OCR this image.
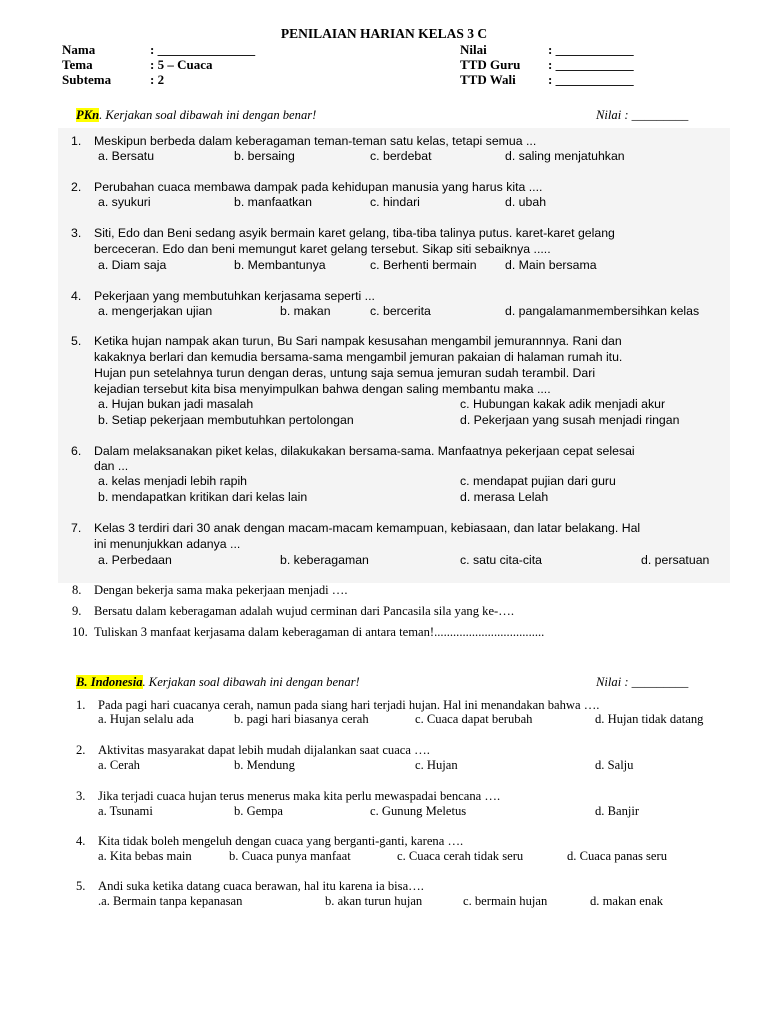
PENILAIAN HARIAN KELAS 3 C
Nama	: _______________
Tema	: 5 – Cuaca
Subtema	: 2
Nilai	: ____________
TTD Guru : ____________
TTD Wali : ____________
PKn. Kerjakan soal dibawah ini dengan benar!	Nilai : _________
1. Meskipun berbeda dalam keberagaman teman-teman satu kelas, tetapi semua ...
a. Bersatu	b. bersaing	c. berdebat	d. saling menjatuhkan
2. Perubahan cuaca membawa dampak pada kehidupan manusia yang harus kita ....
a. syukuri	b. manfaatkan	c. hindari	d. ubah
3. Siti, Edo dan Beni sedang asyik bermain karet gelang, tiba-tiba talinya putus. karet-karet gelang
berceceran. Edo dan beni memungut karet gelang tersebut. Sikap siti sebaiknya .....
a. Diam saja	b. Membantunya	c. Berhenti bermain d. Main bersama
4. Pekerjaan yang membutuhkan kerjasama seperti ...
a. mengerjakan ujian	b. makan	c. bercerita	d. pangalamanmembersihkan kelas
5. Ketika hujan nampak akan turun, Bu Sari nampak kesusahan mengambil jemurannnya. Rani dan
kakaknya berlari dan kemudia bersama-sama mengambil jemuran pakaian di halaman rumah itu.
Hujan pun setelahnya turun dengan deras, untung saja semua jemuran sudah terambil. Dari
kejadian tersebut kita bisa menyimpulkan bahwa dengan saling membantu maka ....
a. Hujan bukan jadi masalah
b. Setiap pekerjaan membutuhkan pertolongan
c. Hubungan kakak adik menjadi akur
d. Pekerjaan yang susah menjadi ringan
6. Dalam melaksanakan piket kelas, dilakukakan bersama-sama. Manfaatnya pekerjaan cepat selesai
dan ...
a. kelas menjadi lebih rapih
b. mendapatkan kritikan dari kelas lain
c. mendapat pujian dari guru
d. merasa Lelah
7. Kelas 3 terdiri dari 30 anak dengan macam-macam kemampuan, kebiasaan, dan latar belakang. Hal
ini menunjukkan adanya ...
a. Perbedaan	b. keberagaman	c. satu cita-cita	d. persatuan
8. Dengan bekerja sama maka pekerjaan menjadi ….
9. Bersatu dalam keberagaman adalah wujud cerminan dari Pancasila sila yang ke-….
10. Tuliskan 3 manfaat kerjasama dalam keberagaman di antara teman!...................................
B. Indonesia. Kerjakan soal dibawah ini dengan benar!	Nilai : _________
1. Pada pagi hari cuacanya cerah, namun pada siang hari terjadi hujan. Hal ini menandakan bahwa ….
a. Hujan selalu ada	b. pagi hari biasanya cerah	c. Cuaca dapat berubah	d. Hujan tidak datang
2. Aktivitas masyarakat dapat lebih mudah dijalankan saat cuaca ….
a. Cerah	b. Mendung	c. Hujan	d. Salju
3. Jika terjadi cuaca hujan terus menerus maka kita perlu mewaspadai bencana ….
a. Tsunami	b. Gempa	c. Gunung Meletus	d. Banjir
4. Kita tidak boleh mengeluh dengan cuaca yang berganti-ganti, karena ….
a. Kita bebas main	b. Cuaca punya manfaat	c. Cuaca cerah tidak seru	d. Cuaca panas seru
5. Andi suka ketika datang cuaca berawan, hal itu karena ia bisa….
.a. Bermain tanpa kepanasan	b. akan turun hujan	c. bermain hujan	d. makan enak
